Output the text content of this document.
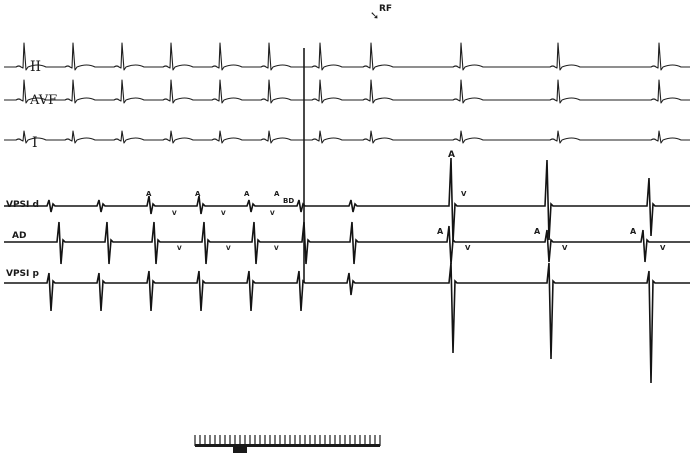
II
AVF
I
➘ RF
VPSI d
AD
VPSI p
A	A	A	A
A
A	A	A
V	V	V
V	V	V
V
V	V	V
BD
